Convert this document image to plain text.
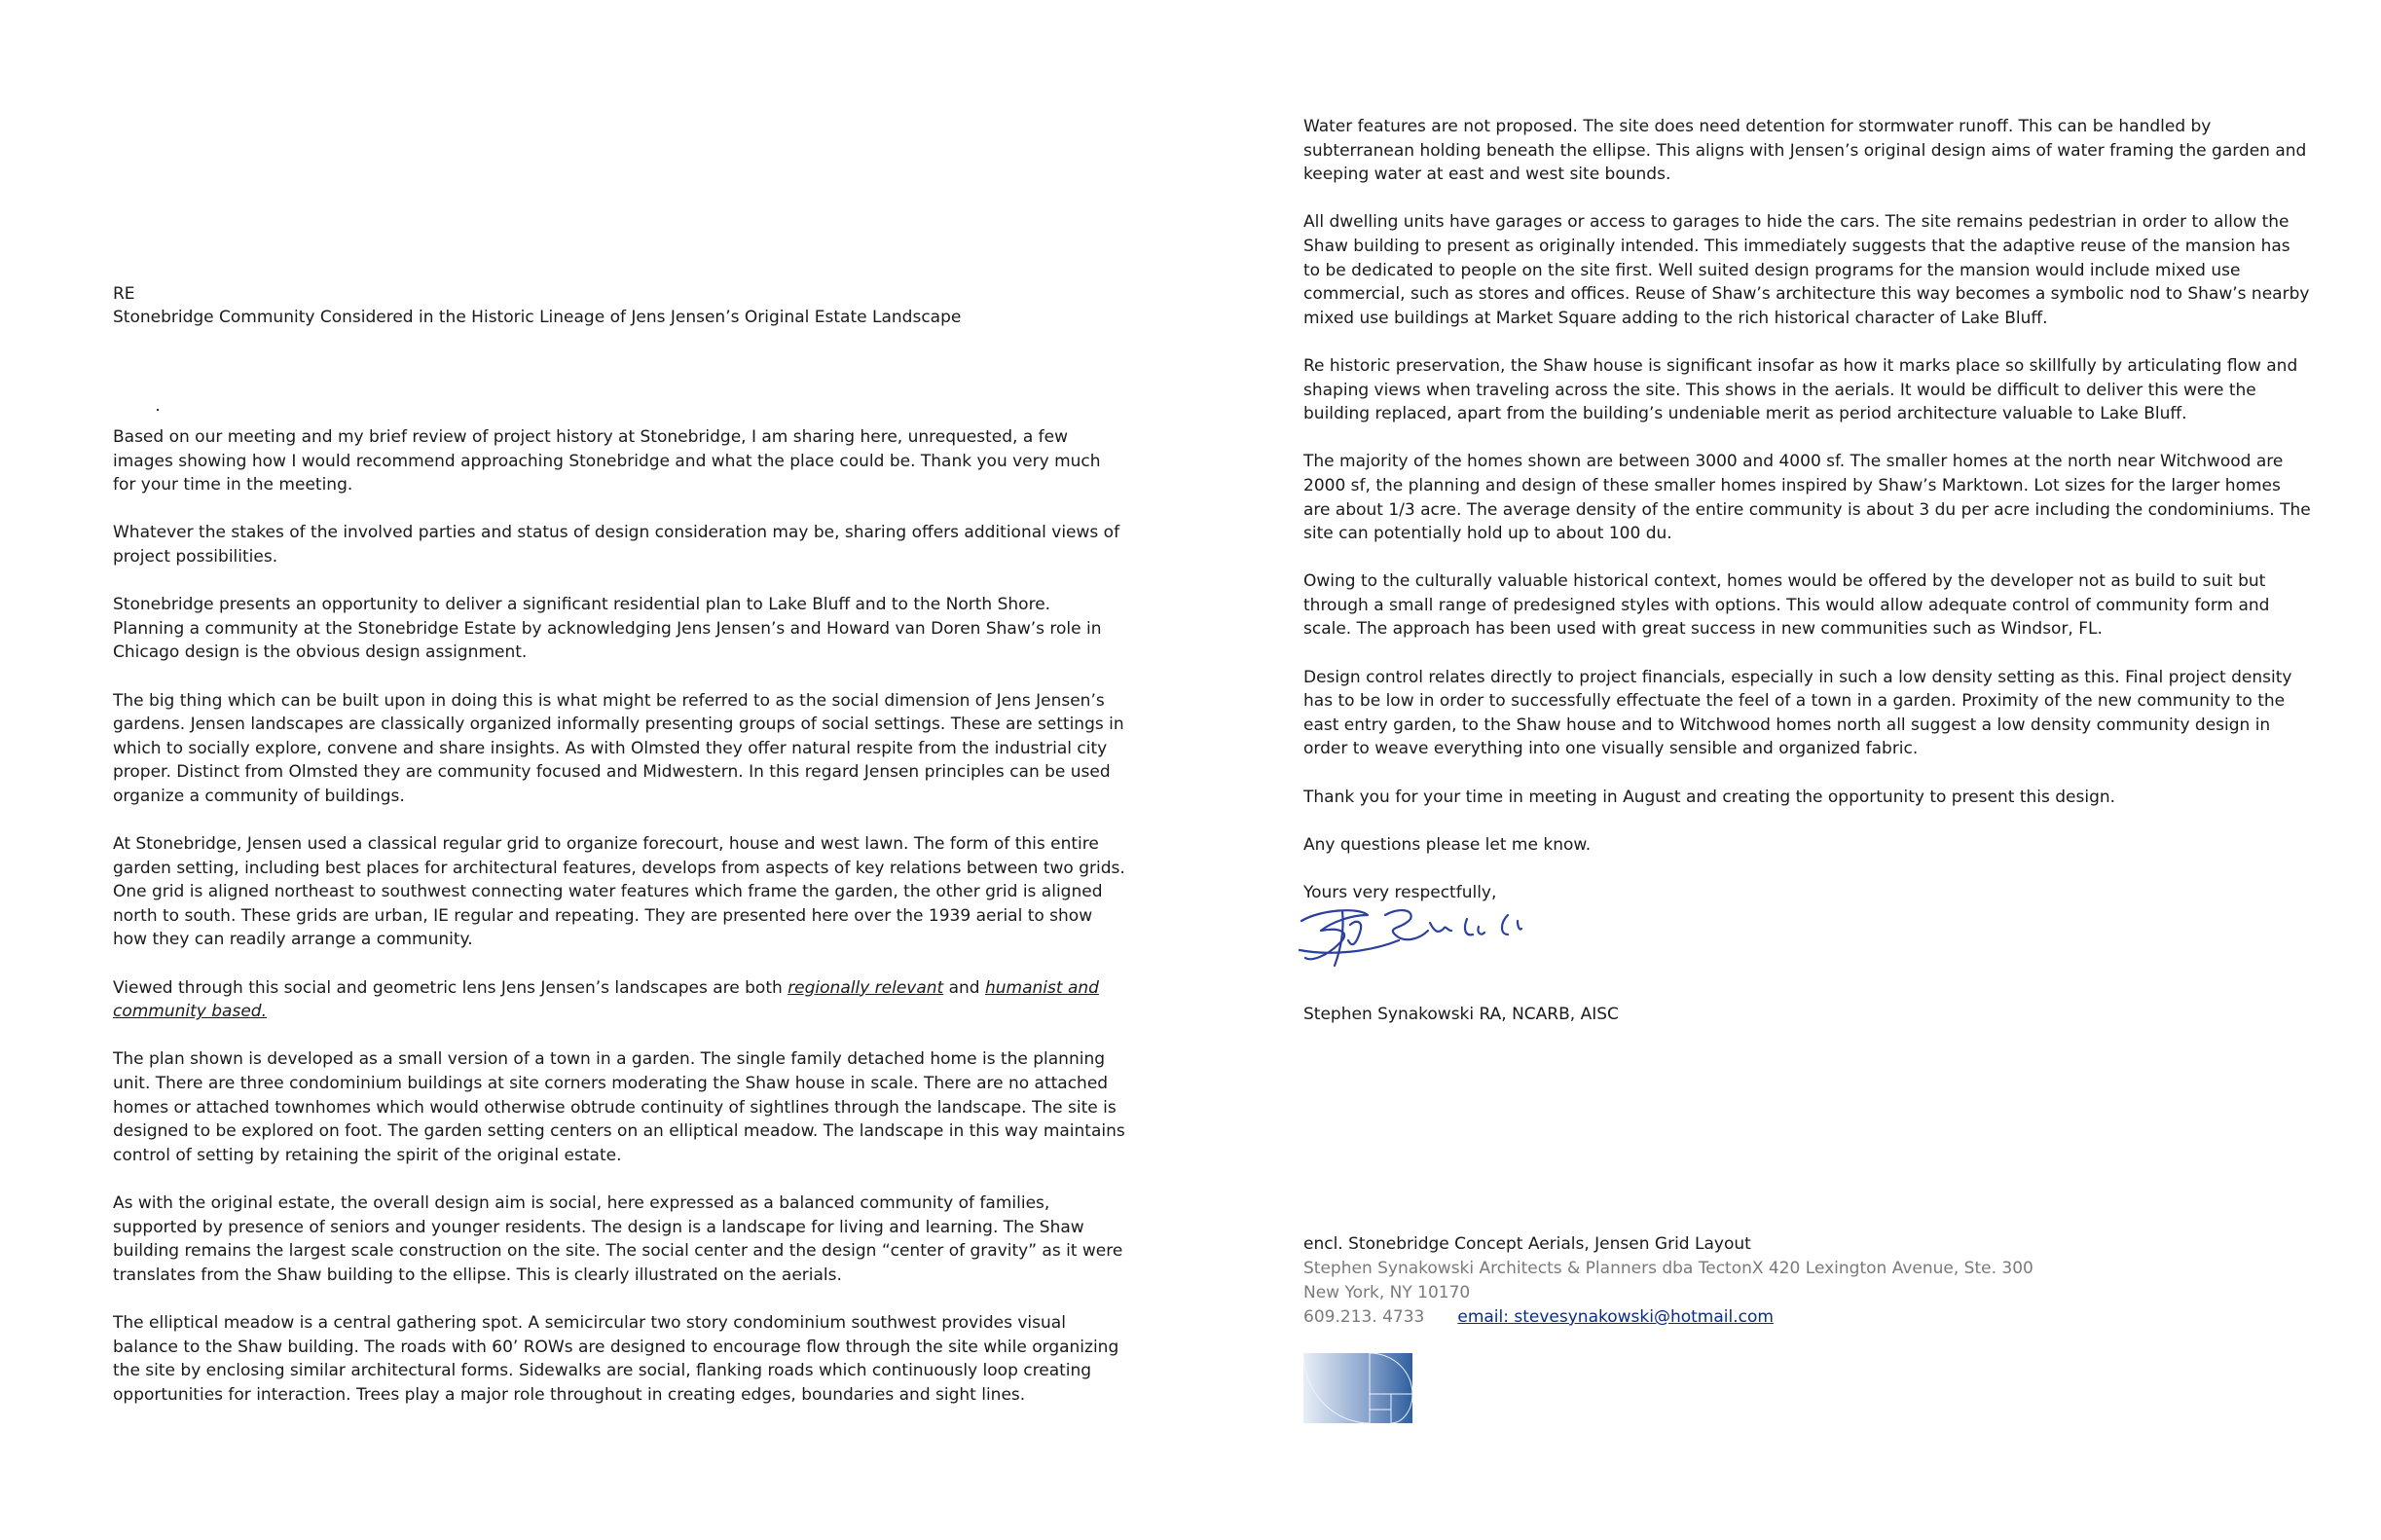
RE
Stonebridge Community Considered in the Historic Lineage of Jens Jensen’s Original Estate Landscape

Based on our meeting and my brief review of project history at Stonebridge, I am sharing here, unrequested, a few images showing how I would recommend approaching Stonebridge and what the place could be. Thank you very much for your time in the meeting.

Whatever the stakes of the involved parties and status of design consideration may be, sharing offers additional views of project possibilities.

Stonebridge presents an opportunity to deliver a significant residential plan to Lake Bluff and to the North Shore. Planning a community at the Stonebridge Estate by acknowledging Jens Jensen’s and Howard van Doren Shaw’s role in Chicago design is the obvious design assignment.

The big thing which can be built upon in doing this is what might be referred to as the social dimension of Jens Jensen’s gardens. Jensen landscapes are classically organized informally presenting groups of social settings. These are settings in which to socially explore, convene and share insights. As with Olmsted they offer natural respite from the industrial city proper. Distinct from Olmsted they are community focused and Midwestern. In this regard Jensen principles can be used organize a community of buildings.

At Stonebridge, Jensen used a classical regular grid to organize forecourt, house and west lawn. The form of this entire garden setting, including best places for architectural features, develops from aspects of key relations between two grids. One grid is aligned northeast to southwest connecting water features which frame the garden, the other grid is aligned north to south. These grids are urban, IE regular and repeating. They are presented here over the 1939 aerial to show how they can readily arrange a community.

Viewed through this social and geometric lens Jens Jensen’s landscapes are both regionally relevant and humanist and community based.

The plan shown is developed as a small version of a town in a garden. The single family detached home is the planning unit. There are three condominium buildings at site corners moderating the Shaw house in scale. There are no attached homes or attached townhomes which would otherwise obtrude continuity of sightlines through the landscape. The site is designed to be explored on foot. The garden setting centers on an elliptical meadow. The landscape in this way maintains control of setting by retaining the spirit of the original estate.

As with the original estate, the overall design aim is social, here expressed as a balanced community of families, supported by presence of seniors and younger residents. The design is a landscape for living and learning. The Shaw building remains the largest scale construction on the site. The social center and the design “center of gravity” as it were translates from the Shaw building to the ellipse. This is clearly illustrated on the aerials.

The elliptical meadow is a central gathering spot. A semicircular two story condominium southwest provides visual balance to the Shaw building. The roads with 60’ ROWs are designed to encourage flow through the site while organizing the site by enclosing similar architectural forms. Sidewalks are social, flanking roads which continuously loop creating opportunities for interaction. Trees play a major role throughout in creating edges, boundaries and sight lines.

Water features are not proposed. The site does need detention for stormwater runoff. This can be handled by subterranean holding beneath the ellipse. This aligns with Jensen’s original design aims of water framing the garden and keeping water at east and west site bounds.

All dwelling units have garages or access to garages to hide the cars. The site remains pedestrian in order to allow the Shaw building to present as originally intended. This immediately suggests that the adaptive reuse of the mansion has to be dedicated to people on the site first. Well suited design programs for the mansion would include mixed use commercial, such as stores and offices. Reuse of Shaw’s architecture this way becomes a symbolic nod to Shaw’s nearby mixed use buildings at Market Square adding to the rich historical character of Lake Bluff.

Re historic preservation, the Shaw house is significant insofar as how it marks place so skillfully by articulating flow and shaping views when traveling across the site. This shows in the aerials. It would be difficult to deliver this were the building replaced, apart from the building’s undeniable merit as period architecture valuable to Lake Bluff.

The majority of the homes shown are between 3000 and 4000 sf. The smaller homes at the north near Witchwood are 2000 sf, the planning and design of these smaller homes inspired by Shaw’s Marktown. Lot sizes for the larger homes are about 1/3 acre. The average density of the entire community is about 3 du per acre including the condominiums. The site can potentially hold up to about 100 du.

Owing to the culturally valuable historical context, homes would be offered by the developer not as build to suit but through a small range of predesigned styles with options. This would allow adequate control of community form and scale. The approach has been used with great success in new communities such as Windsor, FL.

Design control relates directly to project financials, especially in such a low density setting as this. Final project density has to be low in order to successfully effectuate the feel of a town in a garden. Proximity of the new community to the east entry garden, to the Shaw house and to Witchwood homes north all suggest a low density community design in order to weave everything into one visually sensible and organized fabric.

Thank you for your time in meeting in August and creating the opportunity to present this design.

Any questions please let me know.

Yours very respectfully,

Stephen Synakowski RA, NCARB, AISC
encl. Stonebridge Concept Aerials, Jensen Grid Layout
Stephen Synakowski Architects & Planners dba TectonX 420 Lexington Avenue, Ste. 300
New York, NY 10170
609.213. 4733 email: stevesynakowski@hotmail.com
